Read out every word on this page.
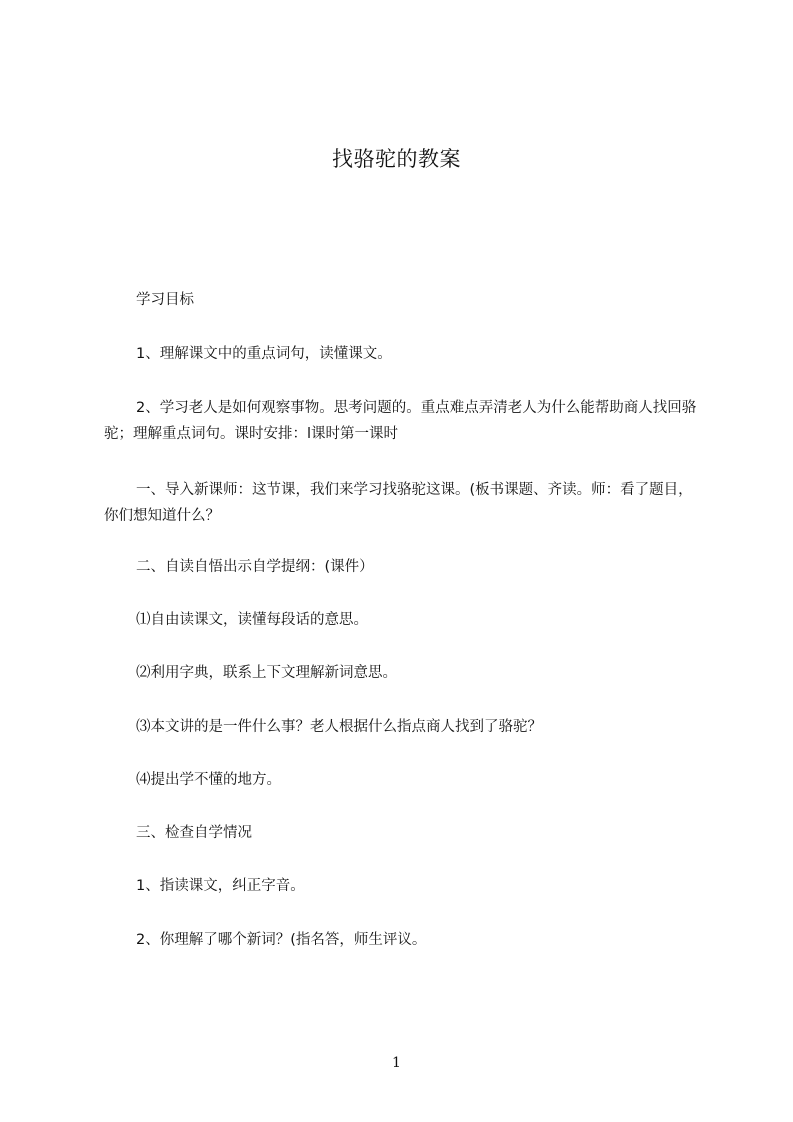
找骆驼的教案

学习目标

1、理解课文中的重点词句，读懂课文。

2、学习老人是如何观察事物。思考问题的。重点难点弄清老人为什么能帮助商人找回骆驼；理解重点词句。课时安排：l课时第一课时

一、导入新课师：这节课，我们来学习找骆驼这课。(板书课题、齐读。师：看了题目，你们想知道什么？

二、自读自悟出示自学提纲：(课件）

⑴自由读课文，读懂每段话的意思。

⑵利用字典，联系上下文理解新词意思。

⑶本文讲的是一件什么事？老人根据什么指点商人找到了骆驼？

⑷提出学不懂的地方。

三、检查自学情况

1、指读课文，纠正字音。

2、你理解了哪个新词？(指名答，师生评议。

1
